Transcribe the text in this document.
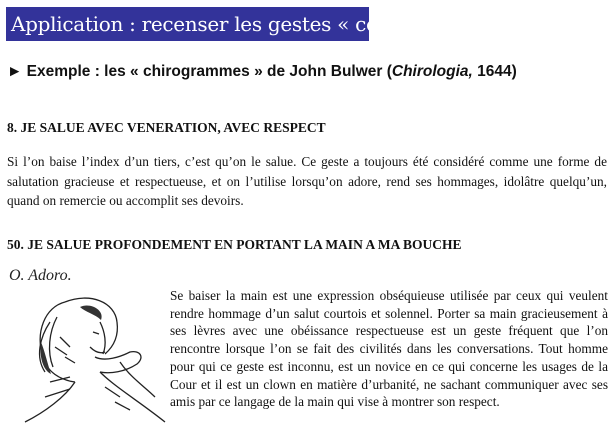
Application : recenser les gestes « courtois »
► Exemple : les « chirogrammes » de John Bulwer (Chirologia, 1644)
8. JE SALUE AVEC VENERATION, AVEC RESPECT
Si l’on baise l’index d’un tiers, c’est qu’on le salue. Ce geste a toujours été considéré comme une forme de salutation gracieuse et respectueuse, et on l’utilise lorsqu’on adore, rend ses hommages, idolâtre quelqu’un, quand on remercie ou accomplit ses devoirs.
50. JE SALUE PROFONDEMENT EN PORTANT LA MAIN A MA BOUCHE
O. Adoro.
Se baiser la main est une expression obséquieuse utilisée par ceux qui veulent rendre hommage d’un salut courtois et solennel. Porter sa main gracieusement à ses lèvres avec une obéissance respectueuse est un geste fréquent que l’on rencontre lorsque l’on se fait des civilités dans les conversations. Tout homme pour qui ce geste est inconnu, est un novice en ce qui concerne les usages de la Cour et il est un clown en matière d’urbanité, ne sachant communiquer avec ses amis par ce langage de la main qui vise à montrer son respect.
